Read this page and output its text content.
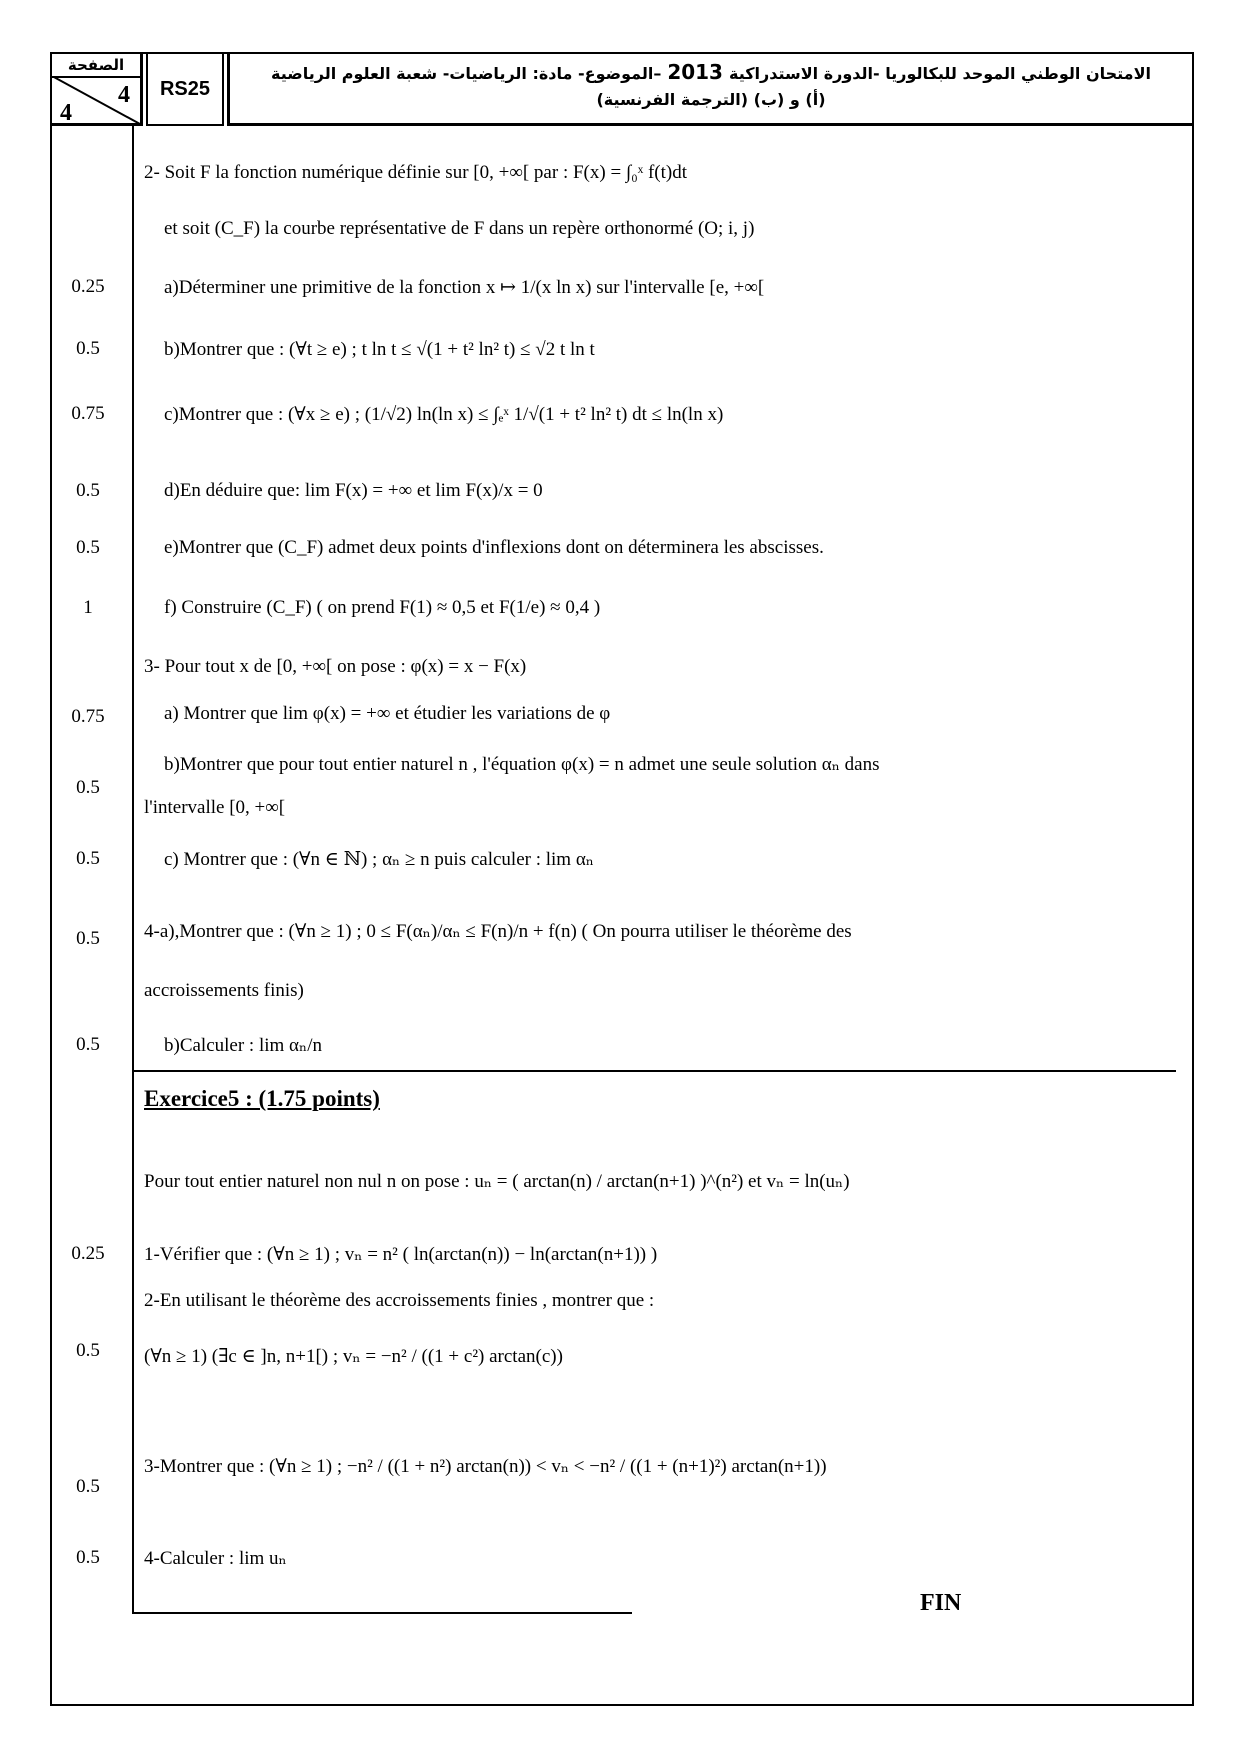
الصفحة
4
4
RS25
الامتحان الوطني الموحد للبكالوريا -الدورة الاستدراكية2013–الموضوع- مادة: الرياضيات- شعبة العلوم الرياضية
(أ) و (ب) (الترجمة الفرنسية)
0.25
0.5
0.75
0.5
0.5
1
0.75
0.5
0.5
0.5
0.5
0.25
0.5
0.5
0.5
2- Soit F la fonction numérique définie sur [0, +∞[ par : F(x) = ∫₀ˣ f(t)dt
et soit (C_F) la courbe représentative de F dans un repère orthonormé (O; i, j)
a)Déterminer une primitive de la fonction x ↦ 1/(x ln x) sur l'intervalle [e, +∞[
b)Montrer que : (∀t ≥ e) ; t ln t ≤ √(1 + t² ln² t) ≤ √2 t ln t
c)Montrer que : (∀x ≥ e) ; (1/√2) ln(ln x) ≤ ∫ₑˣ 1/√(1 + t² ln² t) dt ≤ ln(ln x)
d)En déduire que: lim F(x) = +∞ et lim F(x)/x = 0
e)Montrer que (C_F) admet deux points d'inflexions dont on déterminera les abscisses.
f) Construire (C_F) ( on prend F(1) ≈ 0,5 et F(1/e) ≈ 0,4 )
3- Pour tout x de [0, +∞[ on pose : φ(x) = x − F(x)
a) Montrer que lim φ(x) = +∞ et étudier les variations de φ
b)Montrer que pour tout entier naturel n , l'équation φ(x) = n admet une seule solution αₙ dans
l'intervalle [0, +∞[
c) Montrer que : (∀n ∈ ℕ) ; αₙ ≥ n puis calculer : lim αₙ
4-a),Montrer que : (∀n ≥ 1) ; 0 ≤ F(αₙ)/αₙ ≤ F(n)/n + f(n) ( On pourra utiliser le théorème des
accroissements finis)
b)Calculer : lim αₙ/n
Exercice5 : (1.75 points)
Pour tout entier naturel non nul n on pose : uₙ = ( arctan(n) / arctan(n+1) )^(n²) et vₙ = ln(uₙ)
1-Vérifier que : (∀n ≥ 1) ; vₙ = n² ( ln(arctan(n)) − ln(arctan(n+1)) )
2-En utilisant le théorème des accroissements finies , montrer que :
(∀n ≥ 1) (∃c ∈ ]n, n+1[) ; vₙ = −n² / ((1 + c²) arctan(c))
3-Montrer que : (∀n ≥ 1) ; −n² / ((1 + n²) arctan(n)) < vₙ < −n² / ((1 + (n+1)²) arctan(n+1))
4-Calculer : lim uₙ
FIN
